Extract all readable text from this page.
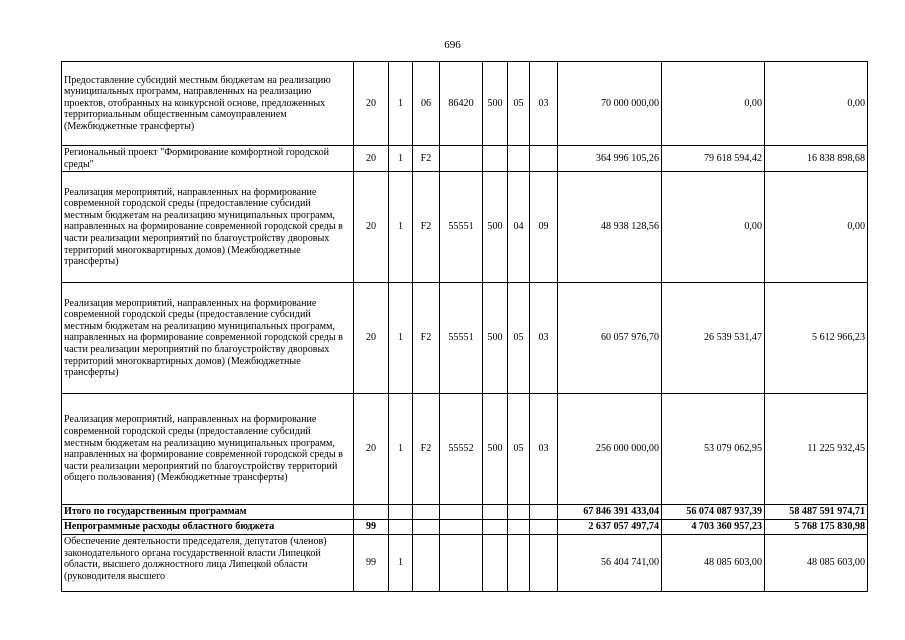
696
Предоставление субсидий местным бюджетам на реализацию муниципальных программ, направленных на реализацию проектов, отобранных на конкурсной основе, предложенных территориальным общественным самоуправлением (Межбюджетные трансферты)	20	1	06	86420	500	05	03	70 000 000,00	0,00	0,00
Региональный проект "Формирование комфортной городской среды"	20	1	F2					364 996 105,26	79 618 594,42	16 838 898,68
Реализация мероприятий, направленных на формирование современной городской среды (предоставление субсидий местным бюджетам на реализацию муниципальных программ, направленных на формирование современной городской среды в части реализации мероприятий по благоустройству дворовых территорий многоквартирных домов) (Межбюджетные трансферты)	20	1	F2	55551	500	04	09	48 938 128,56	0,00	0,00
Реализация мероприятий, направленных на формирование современной городской среды (предоставление субсидий местным бюджетам на реализацию муниципальных программ, направленных на формирование современной городской среды в части реализации мероприятий по благоустройству дворовых территорий многоквартирных домов) (Межбюджетные трансферты)	20	1	F2	55551	500	05	03	60 057 976,70	26 539 531,47	5 612 966,23
Реализация мероприятий, направленных на формирование современной городской среды (предоставление субсидий местным бюджетам на реализацию муниципальных программ, направленных на формирование современной городской среды в части реализации мероприятий по благоустройству территорий общего пользования) (Межбюджетные трансферты)	20	1	F2	55552	500	05	03	256 000 000,00	53 079 062,95	11 225 932,45
Итого по государственным программам								67 846 391 433,04	56 074 087 937,39	58 487 591 974,71
Непрограммные расходы областного бюджета	99							2 637 057 497,74	4 703 360 957,23	5 768 175 830,98

Обеспечение деятельности председателя, депутатов (членов) законодательного органа государственной власти Липецкой области, высшего должностного лица Липецкой области (руководителя высшего	99	1						56 404 741,00	48 085 603,00	48 085 603,00
